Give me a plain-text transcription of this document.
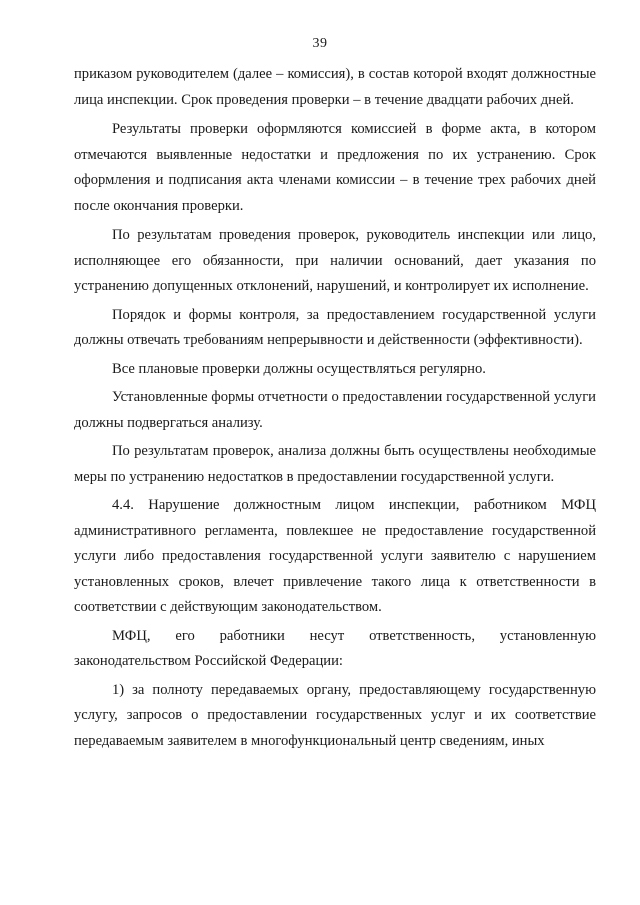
39

приказом руководителем (далее – комиссия), в состав которой входят должностные лица инспекции. Срок проведения проверки – в течение двадцати рабочих дней.

Результаты проверки оформляются комиссией в форме акта, в котором отмечаются выявленные недостатки и предложения по их устранению. Срок оформления и подписания акта членами комиссии – в течение трех рабочих дней после окончания проверки.

По результатам проведения проверок, руководитель инспекции или лицо, исполняющее его обязанности, при наличии оснований, дает указания по устранению допущенных отклонений, нарушений, и контролирует их исполнение.

Порядок и формы контроля, за предоставлением государственной услуги должны отвечать требованиям непрерывности и действенности (эффективности).

Все плановые проверки должны осуществляться регулярно.

Установленные формы отчетности о предоставлении государственной услуги должны подвергаться анализу.

По результатам проверок, анализа должны быть осуществлены необходимые меры по устранению недостатков в предоставлении государственной услуги.

4.4. Нарушение должностным лицом инспекции, работником МФЦ административного регламента, повлекшее не предоставление государственной услуги либо предоставления государственной услуги заявителю с нарушением установленных сроков, влечет привлечение такого лица к ответственности в соответствии с действующим законодательством.

МФЦ, его работники несут ответственность, установленную законодательством Российской Федерации:

1) за полноту передаваемых органу, предоставляющему государственную услугу, запросов о предоставлении государственных услуг и их соответствие передаваемым заявителем в многофункциональный центр сведениям, иных
